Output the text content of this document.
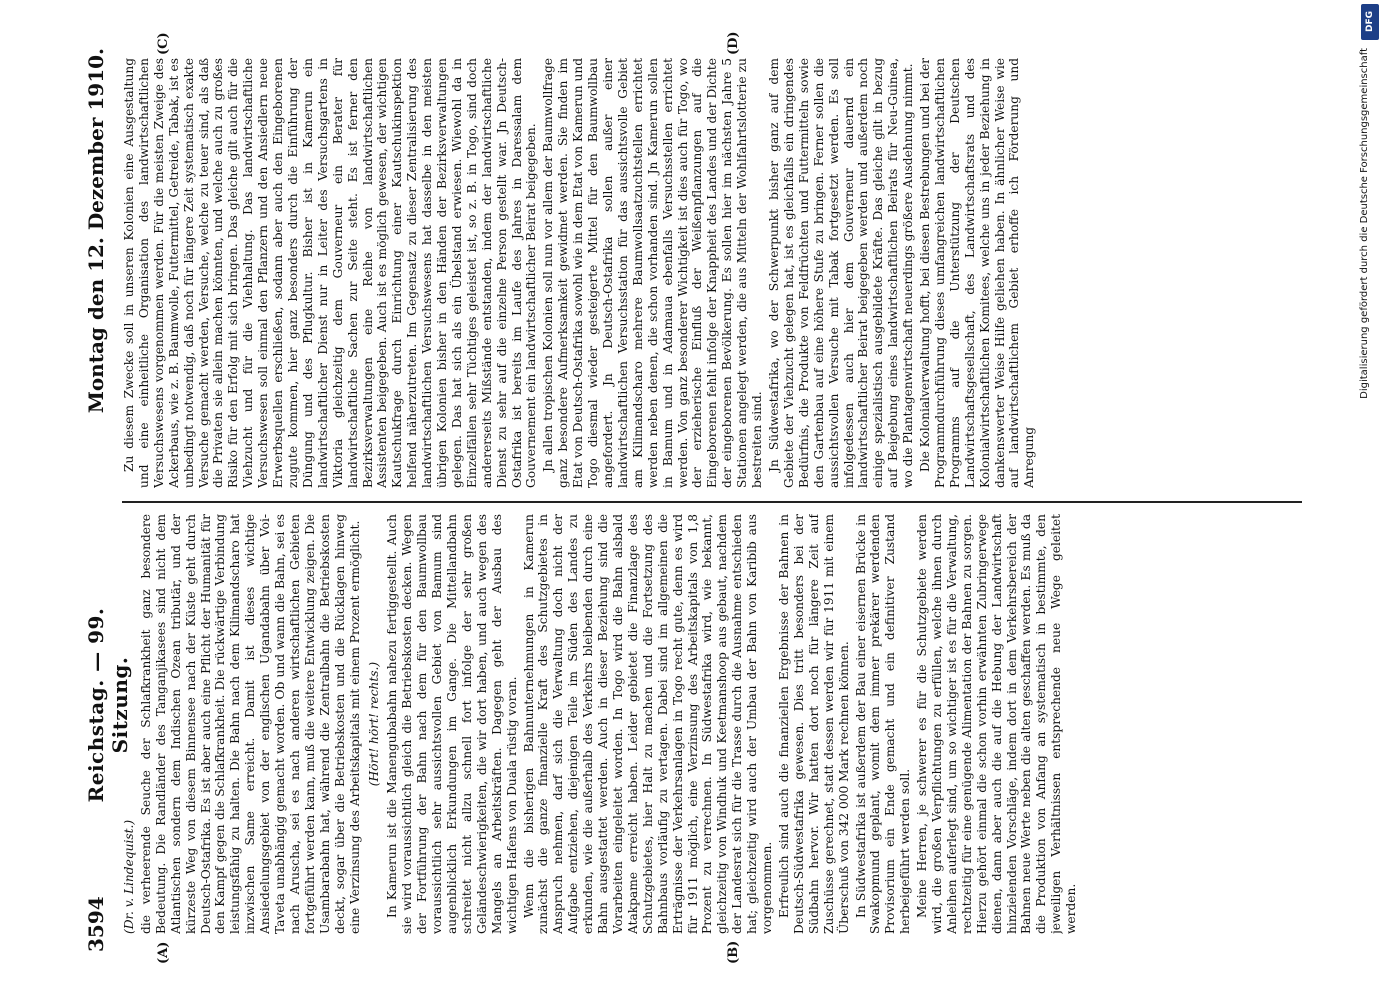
3594
Reichstag. — 99. Sitzung.
Montag den 12. Dezember 1910.

(Dr. v. Lindequist.) die verheerende Seuche der Schlafkrankheit ganz besondere Bedeutung. Die Randländer des Tanganjikasees sind nicht dem Atlantischen sondern dem Indischen Ozean tributär, und der kürzeste Weg von diesem Binnensee nach der Küste geht durch Deutsch-Ostafrika. Es ist aber auch eine Pflicht der Humanität für den Kampf gegen die Schlafkrankheit. Die rückwärtige Verbindung leistungsfähig zu halten. Die Bahn nach dem Kilimandscharo hat inzwischen Same erreicht. Damit ist dieses wichtige Ansiedelungsgebiet von der englischen Ugandabahn über Voi-Taveta unabhängig gemacht worden. Ob und wann die Bahn, sei es nach Aruscha, sei es nach anderen wirtschaftlichen Gebieten fortgeführt werden kann, muß die weitere Entwicklung zeigen. Die Usambarabahn hat, während die Zentralbahn die Betriebskosten deckt, sogar über die Betriebskosten und die Rücklagen hinweg eine Verzinsung des Arbeitskapitals mit einem Prozent ermöglicht. (Hört! hört! rechts.) In Kamerun ist die Manengubabahn nahezu fertiggestellt. Auch sie wird voraussichtlich gleich die Betriebskosten decken. Wegen der Fortführung der Bahn nach dem für den Baumwollbau voraussichtlich sehr aussichtsvollen Gebiet von Bamum sind augenblicklich Erkundungen im Gange. Die Mittellandbahn schreitet nicht allzu schnell fort infolge der sehr großen Geländeschwierigkeiten, die wir dort haben, und auch wegen des Mangels an Arbeitskräften. Dagegen geht der Ausbau des wichtigen Hafens von Duala rüstig voran. Wenn die bisherigen Bahnunternehmungen in Kamerun zunächst die ganze finanzielle Kraft des Schutzgebietes in Anspruch nehmen, darf sich die Verwaltung doch nicht der Aufgabe entziehen, diejenigen Teile im Süden des Landes zu erkunden, wie die außerhalb des Verkehrs bleibenden durch eine Bahn ausgestattet werden. Auch in dieser Beziehung sind die Vorarbeiten eingeleitet worden. In Togo wird die Bahn alsbald Atakpame erreicht haben. Leider gebietet die Finanzlage des Schutzgebietes, hier Halt zu machen und die Fortsetzung des Bahnbaus vorläufig zu vertagen. Dabei sind im allgemeinen die Erträgnisse der Verkehrsanlagen in Togo recht gute, denn es wird für 1911 möglich, eine Verzinsung des Arbeitskapitals von 1,8 Prozent zu verrechnen. In Südwestafrika wird, wie bekannt, gleichzeitig von Windhuk und Keetmanshoop aus gebaut, nachdem der Landesrat sich für die Trasse durch die Ausnahme entschieden hat; gleichzeitig wird auch der Umbau der Bahn von Karibib aus vorgenommen. Erfreulich sind auch die finanziellen Ergebnisse der Bahnen in Deutsch-Südwestafrika gewesen. Dies tritt besonders bei der Südbahn hervor. Wir hatten dort noch für längere Zeit auf Zuschüsse gerechnet, statt dessen werden wir für 1911 mit einem Überschuß von 342 000 Mark rechnen können. In Südwestafrika ist außerdem der Bau einer eisernen Brücke in Swakopmund geplant, womit dem immer prekärer werdenden Provisorium ein Ende gemacht und ein definitiver Zustand herbeigeführt werden soll. Meine Herren, je schwerer es für die Schutzgebiete werden wird, die großen Verpflichtungen zu erfüllen, welche ihnen durch Anleihen auferlegt sind, um so wichtiger ist es für die Verwaltung, rechtzeitig für eine genügende Alimentation der Bahnen zu sorgen. Hierzu gehört einmal die schon vorhin erwähnten Zubringerwege dienen, dann aber auch die auf die Hebung der Landwirtschaft hinzielenden Vorschläge, indem dort in dem Verkehrsbereich der Bahnen neue Werte neben die alten geschaffen werden. Es muß da die Produktion von Anfang an systematisch in bestimmte, den jeweiligen Verhältnissen entsprechende neue Wege geleitet werden.

Zu diesem Zwecke soll in unseren Kolonien eine Ausgestaltung und eine einheitliche Organisation des landwirtschaftlichen Versuchswesens vorgenommen werden. Für die meisten Zweige des Ackerbaus, wie z. B. Baumwolle, Futtermittel, Getreide, Tabak, ist es unbedingt notwendig, daß noch für längere Zeit systematisch exakte Versuche gemacht werden, Versuche, welche zu teuer sind, als daß die Privaten sie allein machen könnten, und welche auch zu großes Risiko für den Erfolg mit sich bringen. Das gleiche gilt auch für die Viehzucht und für die Viehhaltung. Das landwirtschaftliche Versuchswesen soll einmal den Pflanzern und den Ansiedlern neue Erwerbsquellen erschließen, sodann aber auch den Eingeborenen zugute kommen, hier ganz besonders durch die Einführung der Düngung und des Pflugkultur. Bisher ist in Kamerun ein landwirtschaftlicher Dienst nur in Leiter des Versuchsgartens in Viktoria gleichzeitig dem Gouverneur ein Berater für landwirtschaftliche Sachen zur Seite steht. Es ist ferner den Bezirksverwaltungen eine Reihe von landwirtschaftlichen Assistenten beigegeben. Auch ist es möglich gewesen, der wichtigen Kautschukfrage durch Einrichtung einer Kautschukinspektion helfend näherzutreten. Im Gegensatz zu dieser Zentralisierung des landwirtschaftlichen Versuchswesens hat dasselbe in den meisten übrigen Kolonien bisher in den Händen der Bezirksverwaltungen gelegen. Das hat sich als ein Übelstand erwiesen. Wiewohl da in Einzelfällen sehr Tüchtiges geleistet ist, so z. B. in Togo, sind doch andererseits Mißstände entstanden, indem der landwirtschaftliche Dienst zu sehr auf die einzelne Person gestellt war. Jn Deutsch-Ostafrika ist bereits im Laufe des Jahres in Daressalam dem Gouvernement ein landwirtschaftlicher Beirat beigegeben. Jn allen tropischen Kolonien soll nun vor allem der Baumwollfrage ganz besondere Aufmerksamkeit gewidmet werden. Sie finden im Etat von Deutsch-Ostafrika sowohl wie in dem Etat von Kamerun und Togo diesmal wieder gesteigerte Mittel für den Baumwollbau angefordert. Jn Deutsch-Ostafrika sollen außer einer landwirtschaftlichen Versuchsstation für das aussichtsvolle Gebiet am Kilimandscharo mehrere Baumwollsaatzuchtstellen errichtet werden neben denen, die schon vorhanden sind. Jn Kamerun sollen in Bamum und in Adamaua ebenfalls Versuchsstellen errichtet werden. Von ganz besonderer Wichtigkeit ist dies auch für Togo, wo der erzieherische Einfluß der Weißenpflanzungen auf die Eingeborenen fehlt infolge der Knappheit des Landes und der Dichte der eingeborenen Bevölkerung. Es sollen hier im nächsten Jahre 5 Stationen angelegt werden, die aus Mitteln der Wohlfahrtslotterie zu bestreiten sind. Jn Südwestafrika, wo der Schwerpunkt bisher ganz auf dem Gebiete der Viehzucht gelegen hat, ist es gleichfalls ein dringendes Bedürfnis, die Produkte von Feldfrüchten und Futtermitteln sowie den Gartenbau auf eine höhere Stufe zu bringen. Ferner sollen die aussichtsvollen Versuche mit Tabak fortgesetzt werden. Es soll infolgedessen auch hier dem Gouverneur dauernd ein landwirtschaftlicher Beirat beigegeben werden und außerdem noch einige spezialistisch ausgebildete Kräfte. Das gleiche gilt in bezug auf Beigebung eines landwirtschaftlichen Beirats für Neu-Guinea, wo die Plantagenwirtschaft neuerdings größere Ausdehnung nimmt. Die Kolonialverwaltung hofft, bei diesen Bestrebungen und bei der Programmdurchführung dieses umfangreichen landwirtschaftlichen Programms auf die Unterstützung der Deutschen Landwirtschaftsgesellschaft, des Landwirtschaftsrats und des Kolonialwirtschaftlichen Komitees, welche uns in jeder Beziehung in dankenswerter Weise Hilfe geliehen haben. In ähnlicher Weise wie auf landwirtschaftlichem Gebiet erhoffe ich Förderung und Anregung

(A)	(B)
(C)	(D)
DFG
Digitalisierung gefördert durch die Deutsche Forschungsgemeinschaft
